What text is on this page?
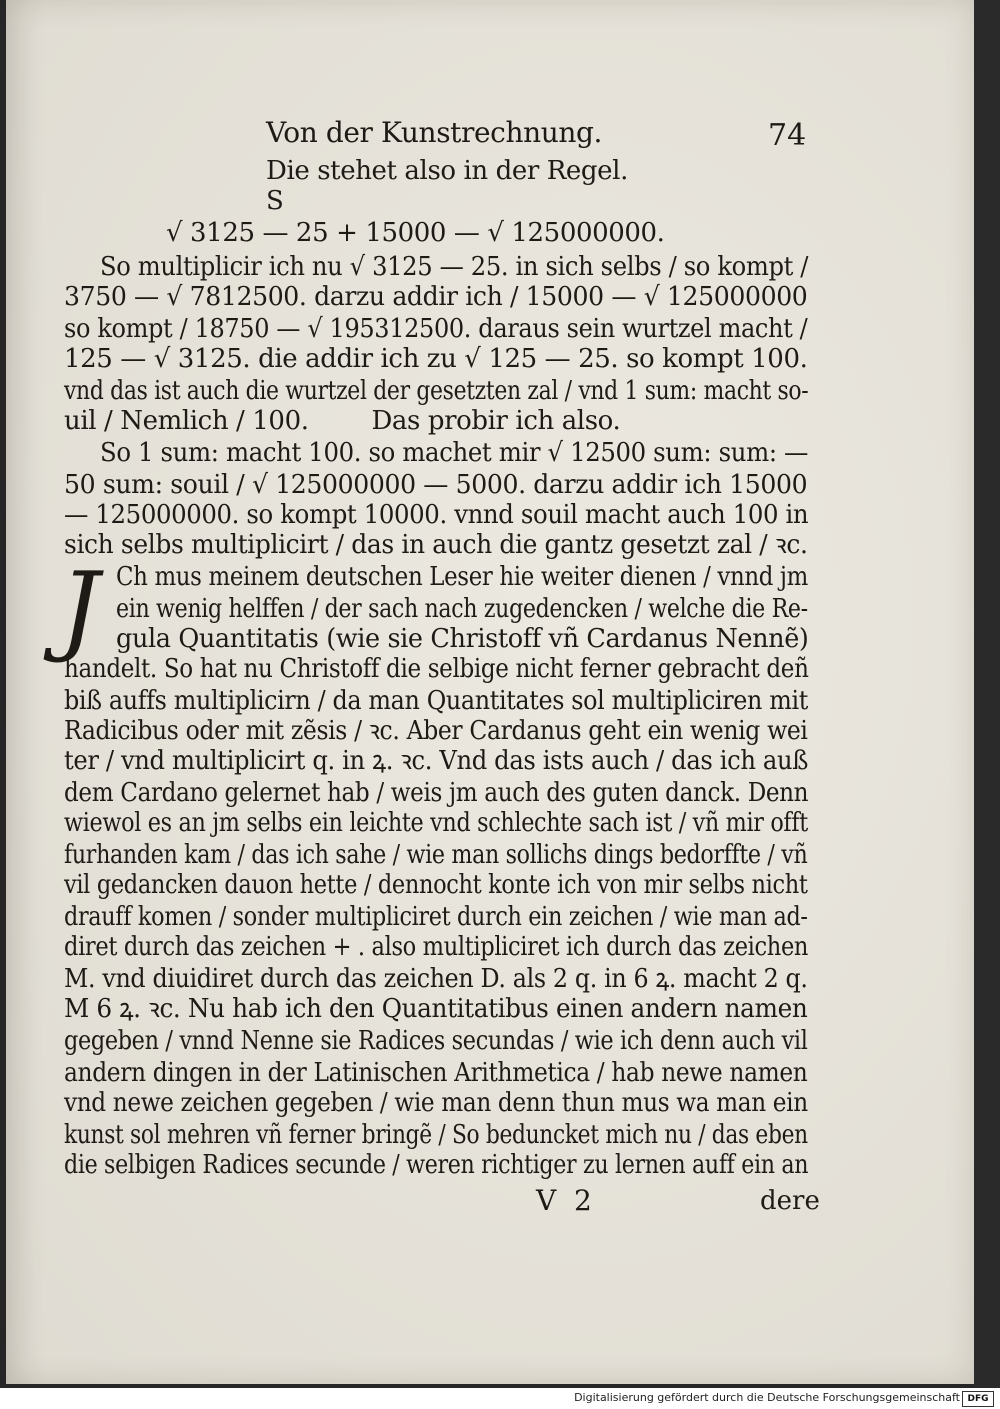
Von der Kunstrechnung.	74
Die stehet also in der Regel.
S
√ 3125 — 25 + 15000 — √ 125000000.
So multiplicir ich nu √ 3125 — 25. in sich selbs / so kompt /
3750 — √ 7812500. darzu addir ich / 15000 — √ 125000000
so kompt / 18750 — √ 195312500. daraus sein wurtzel macht /
125 — √ 3125. die addir ich zu √ 125 — 25. so kompt 100.
vnd das ist auch die wurtzel der gesetzten zal / vnd 1 sum: macht so-
uil / Nemlich / 100.        Das probir ich also.
So 1 sum: macht 100. so machet mir √ 12500 sum: sum: —
50 sum: souil / √ 125000000 — 5000. darzu addir ich 15000
— 125000000. so kompt 10000. vnnd souil macht auch 100 in
sich selbs multiplicirt / das in auch die gantz gesetzt zal / ꝛc.
J Ch mus meinem deutschen Leser hie weiter dienen / vnnd jm
ein wenig helffen / der sach nach zugedencken / welche die Re-
gula Quantitatis (wie sie Christoff vñ Cardanus Nennẽ)
handelt. So hat nu Christoff die selbige nicht ferner gebracht deñ
biß auffs multiplicirn / da man Quantitates sol multipliciren mit
Radicibus oder mit zẽsis / ꝛc. Aber Cardanus geht ein wenig wei
ter / vnd multiplicirt q. in ꝝ. ꝛc. Vnd das ists auch / das ich auß
dem Cardano gelernet hab / weis jm auch des guten danck. Denn
wiewol es an jm selbs ein leichte vnd schlechte sach ist / vñ mir offt
furhanden kam / das ich sahe / wie man sollichs dings bedorffte / vñ
vil gedancken dauon hette / dennocht konte ich von mir selbs nicht
drauff komen / sonder multipliciret durch ein zeichen / wie man ad-
diret durch das zeichen + . also multipliciret ich durch das zeichen
M. vnd diuidiret durch das zeichen D. als 2 q. in 6 ꝝ. macht 2 q.
M 6 ꝝ. ꝛc. Nu hab ich den Quantitatibus einen andern namen
gegeben / vnnd Nenne sie Radices secundas / wie ich denn auch vil
andern dingen in der Latinischen Arithmetica / hab newe namen
vnd newe zeichen gegeben / wie man denn thun mus wa man ein
kunst sol mehren vñ ferner bringẽ / So beduncket mich nu / das eben
die selbigen Radices secunde / weren richtiger zu lernen auff ein an
V  2	dere
Digitalisierung gefördert durch die Deutsche Forschungsgemeinschaft DFG
